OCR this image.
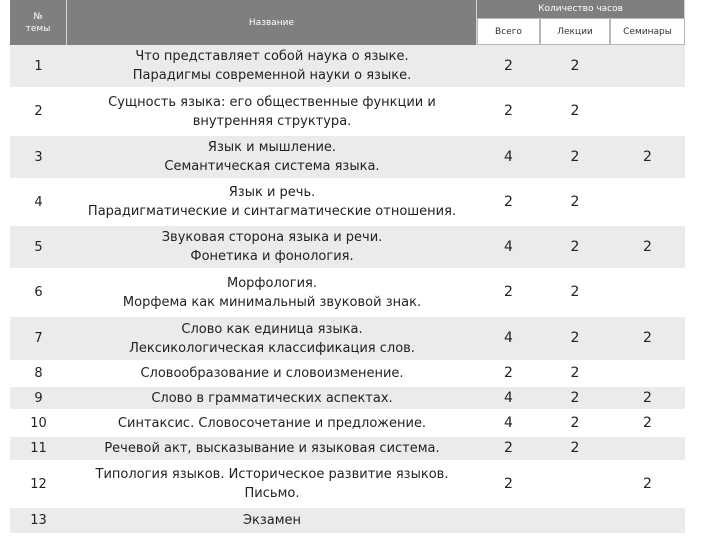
№
темы	Название	Количество часов		
		Всего	Лекции	Семинары
1	Что представляет собой наука о языке.
Парадигмы современной науки о языке.	2	2	
2	Сущность языка: его общественные функции и
внутренняя структура.	2	2	
3	Язык и мышление.
Семантическая система языка.	4	2	2
4	Язык и речь.
Парадигматические и синтагматические отношения.	2	2	
5	Звуковая сторона языка и речи.
Фонетика и фонология.	4	2	2
6	Морфология.
Морфема как минимальный звуковой знак.	2	2	
7	Слово как единица языка.
Лексикологическая классификация слов.	4	2	2
8	Словообразование и словоизменение.	2	2	
9	Слово в грамматических аспектах.	4	2	2
10	Синтаксис. Словосочетание и предложение.	4	2	2
11	Речевой акт, высказывание и языковая система.	2	2	
12	Типология языков. Историческое развитие языков.
Письмо.	2		2
13	Экзамен			
